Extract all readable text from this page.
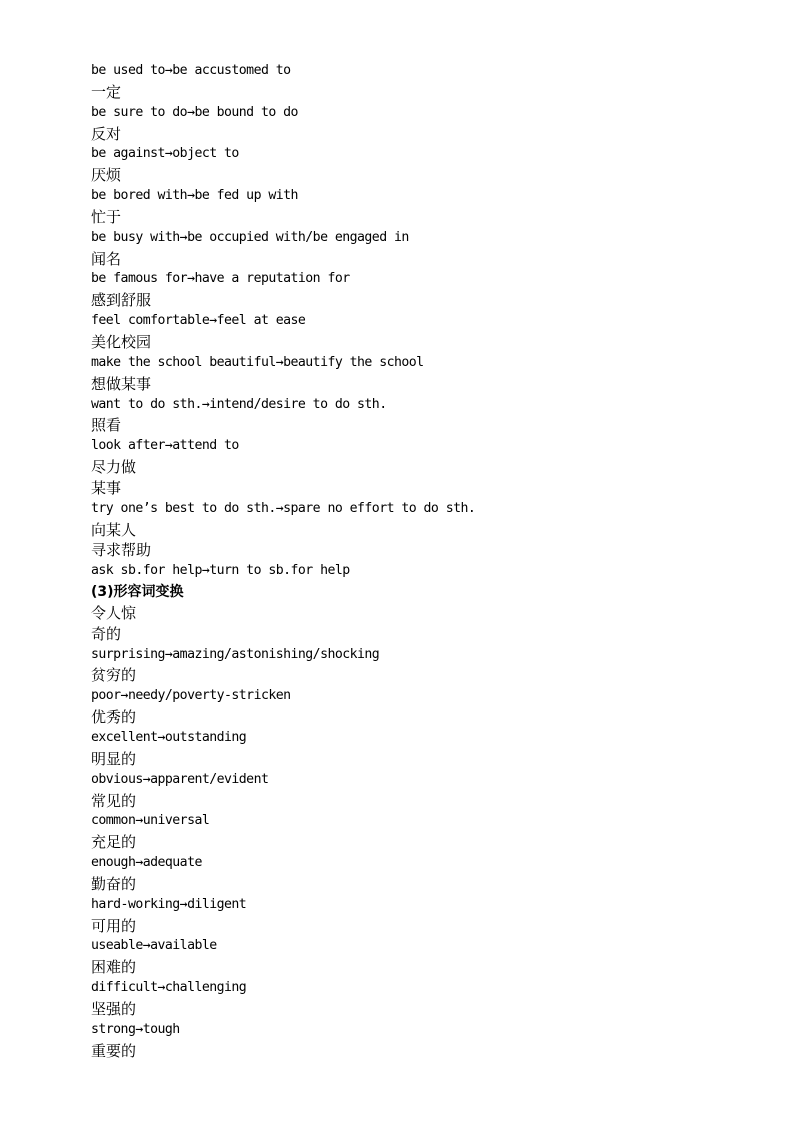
be used to→be accustomed to
一定
be sure to do→be bound to do
反对
be against→object to
厌烦
be bored with→be fed up with
忙于
be busy with→be occupied with/be engaged in
闻名
be famous for→have a reputation for
感到舒服
feel comfortable→feel at ease
美化校园
make the school beautiful→beautify the school
想做某事
want to do sth.→intend/desire to do sth.
照看
look after→attend to
尽力做
某事
try one’s best to do sth.→spare no effort to do sth.
向某人
寻求帮助
ask sb.for help→turn to sb.for help
(3)形容词变换
令人惊
奇的
surprising→amazing/astonishing/shocking
贫穷的
poor→needy/poverty-stricken
优秀的
excellent→outstanding
明显的
obvious→apparent/evident
常见的
common→universal
充足的
enough→adequate
勤奋的
hard-working→diligent
可用的
useable→available
困难的
difficult→challenging
坚强的
strong→tough
重要的
